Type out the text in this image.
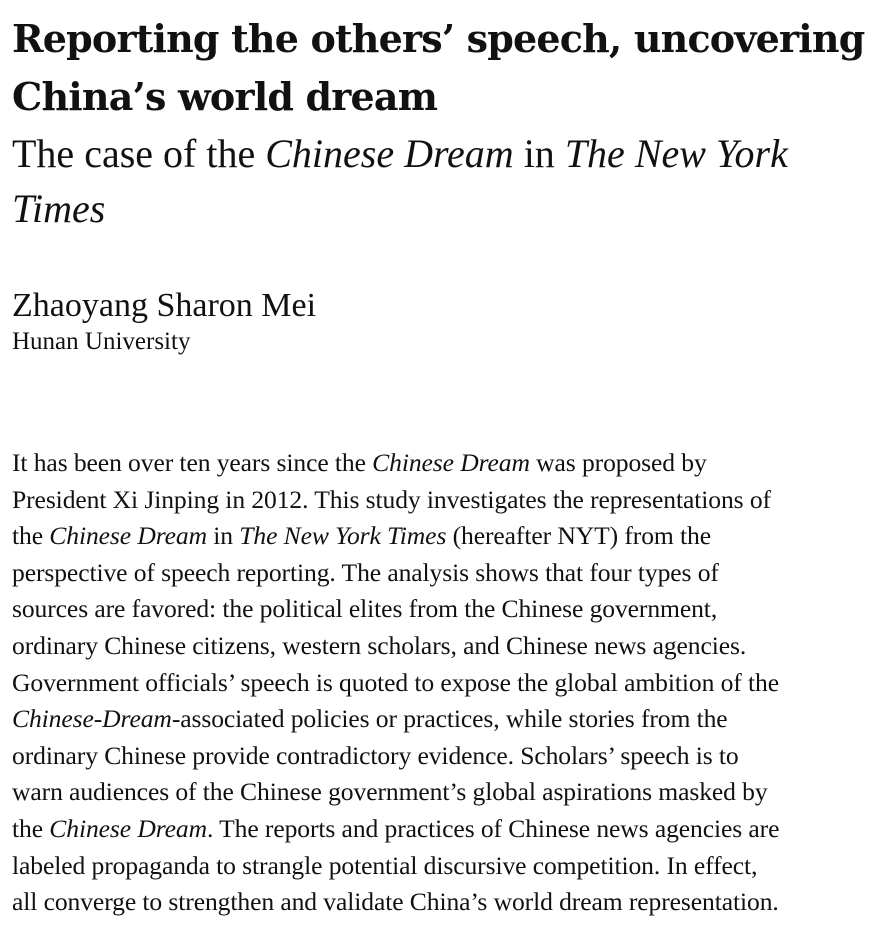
Reporting the others’ speech, uncovering
China’s world dream
The case of the Chinese Dream in The New York
Times

Zhaoyang Sharon Mei

Hunan University

It has been over ten years since the Chinese Dream was proposed by
President Xi Jinping in 2012. This study investigates the representations of
the Chinese Dream in The New York Times (hereafter NYT) from the
perspective of speech reporting. The analysis shows that four types of
sources are favored: the political elites from the Chinese government,
ordinary Chinese citizens, western scholars, and Chinese news agencies.
Government officials’ speech is quoted to expose the global ambition of the
Chinese-Dream-associated policies or practices, while stories from the
ordinary Chinese provide contradictory evidence. Scholars’ speech is to
warn audiences of the Chinese government’s global aspirations masked by
the Chinese Dream. The reports and practices of Chinese news agencies are
labeled propaganda to strangle potential discursive competition. In effect,
all converge to strengthen and validate China’s world dream representation.
